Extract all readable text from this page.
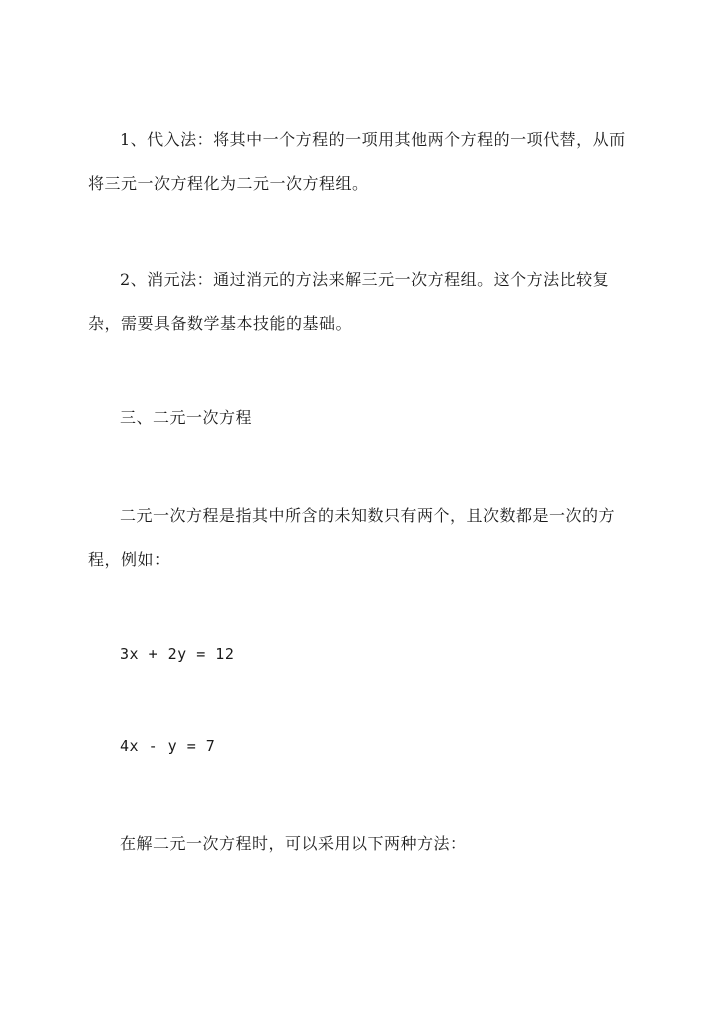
1、代入法：将其中一个方程的一项用其他两个方程的一项代替，从而将三元一次方程化为二元一次方程组。

2、消元法：通过消元的方法来解三元一次方程组。这个方法比较复杂，需要具备数学基本技能的基础。

三、二元一次方程

二元一次方程是指其中所含的未知数只有两个，且次数都是一次的方程，例如：

3x + 2y = 12

4x - y = 7

在解二元一次方程时，可以采用以下两种方法：
